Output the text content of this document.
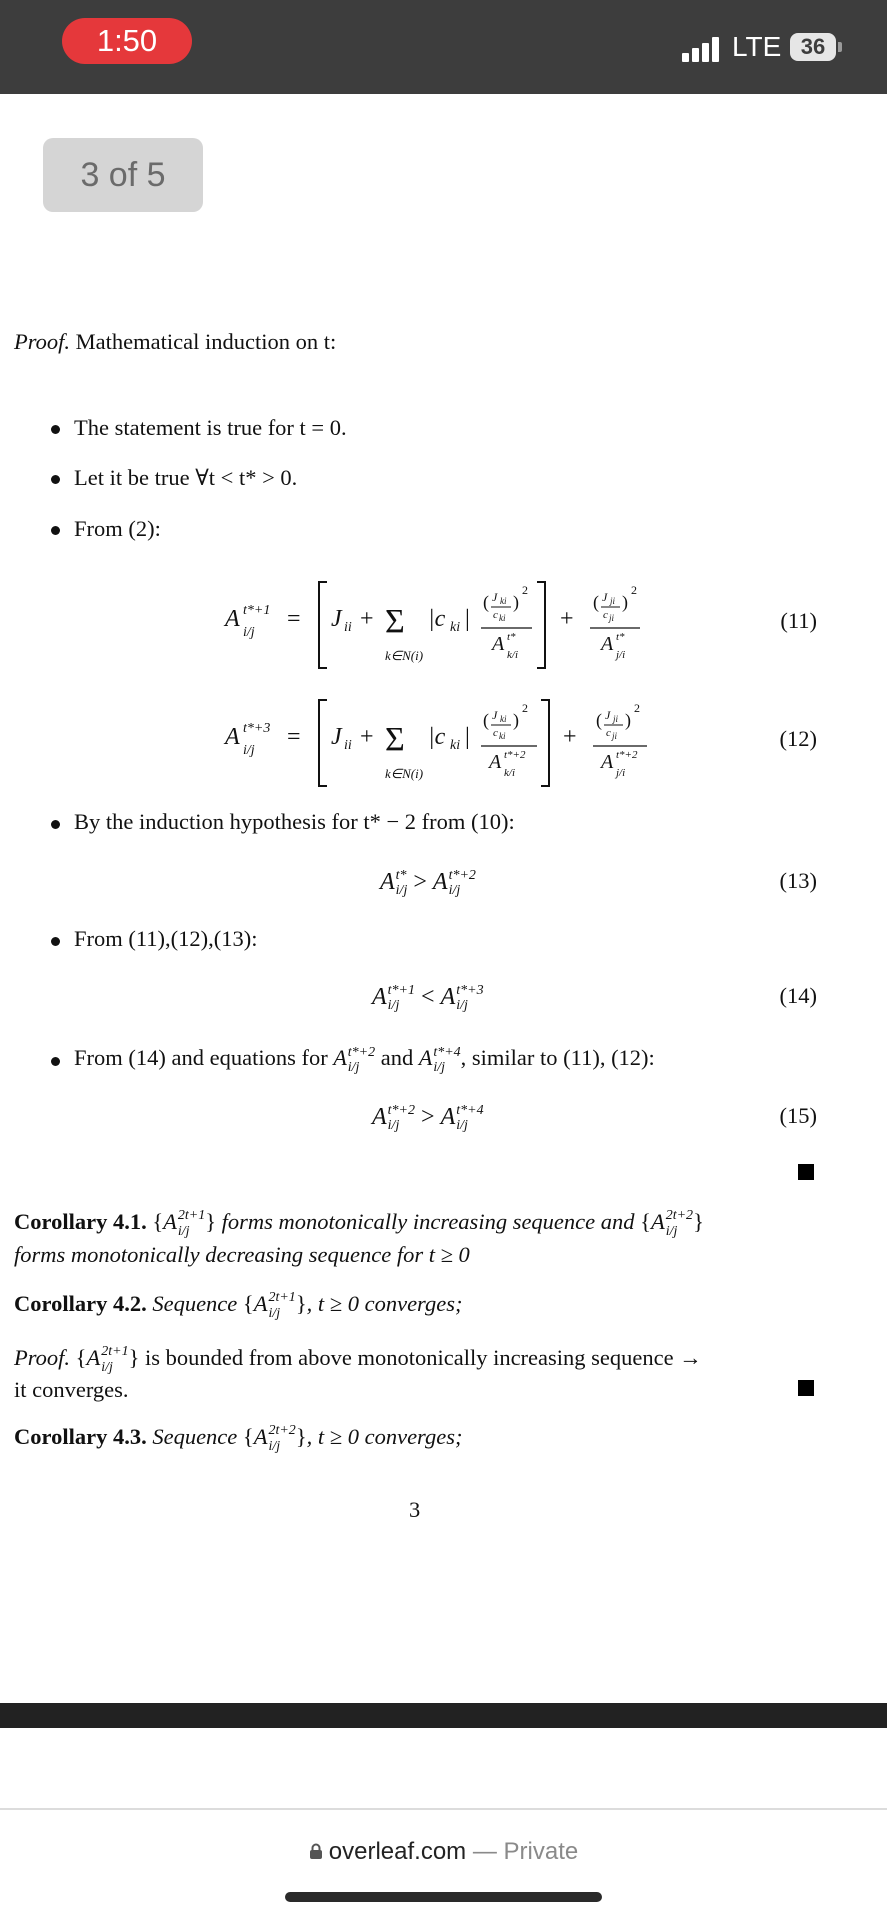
1:50	LTE 36
3 of 5
Proof. Mathematical induction on t:
The statement is true for t = 0.
Let it be true ∀t < t* > 0.
From (2):
A t*+1
i/j
= J ii + Σ
k∈N(i)
|c ki |
( J ki
c ki
)
2
A t*
k/i
+
( J ji
c ji
)
2
A t*
j/i
(11)
A t*+3
i/j
= J ii + Σ
k∈N(i)
|c ki |
( J ki
c ki
)
2
A t*+2
k/i
+
( J ji
c ji
)
2
A t*+2
j/i
(12)
By the induction hypothesis for t* − 2 from (10):
A t*
i/j > A t*+2
i/j	(13)
From (11),(12),(13):
A t*+1
i/j < A t*+3
i/j	(14)
From (14) and equations for A t*+2
i/j and A t*+4
i/j , similar to (11), (12):
A t*+2
i/j > A t*+4
i/j	(15)
Corollary 4.1. {A 2t+1
i/j } forms monotonically increasing sequence and {A 2t+2
i/j }
forms monotonically decreasing sequence for t ≥ 0
Corollary 4.2. Sequence {A 2t+1
i/j }, t ≥ 0 converges;
Proof. {A 2t+1
i/j } is bounded from above monotonically increasing sequence →
it converges.
Corollary 4.3. Sequence {A 2t+2
i/j }, t ≥ 0 converges;
3
overleaf.com — Private
